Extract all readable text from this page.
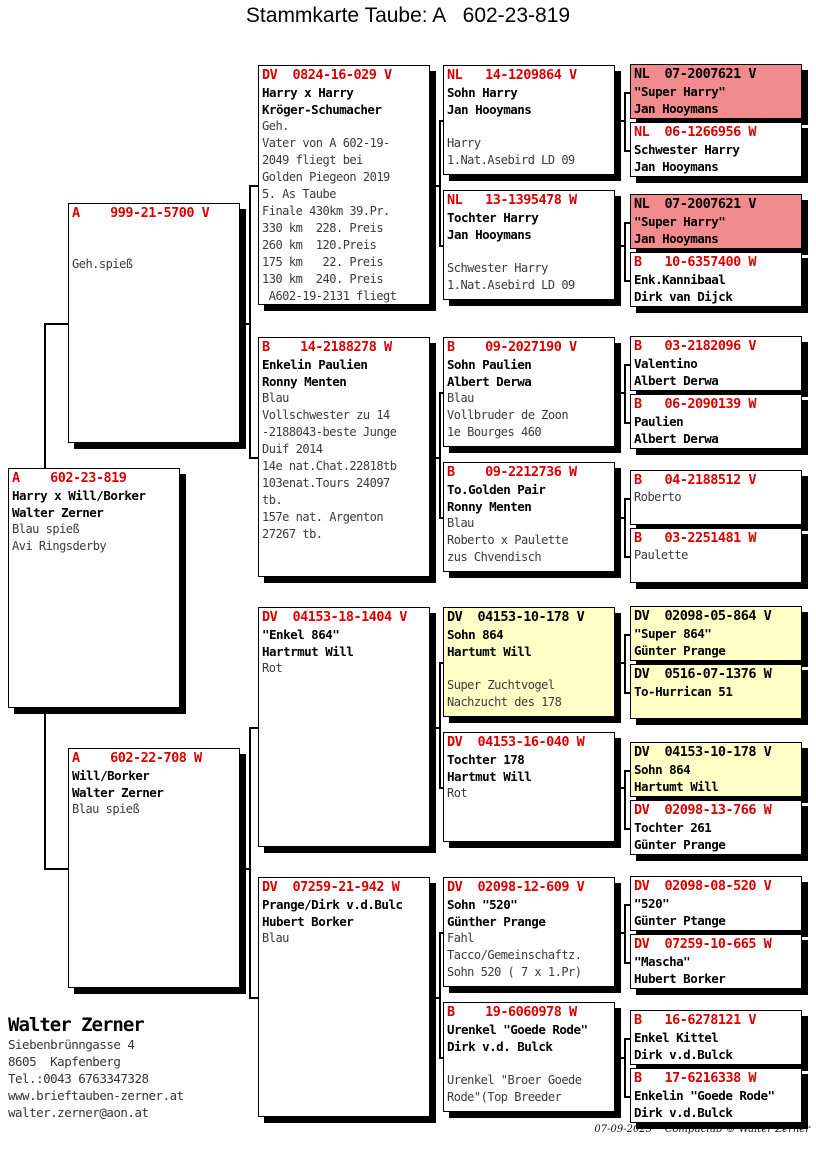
Stammkarte Taube: A   602-23-819
A    999-21-5700 V
Geh.spieß
A    602-23-819
Harry x Will/Borker
Walter Zerner
Blau spieß
Avi Ringsderby
A    602-22-708 W
Will/Borker
Walter Zerner
Blau spieß
DV  0824-16-029 V
Harry x Harry
Kröger-Schumacher
Geh.
Vater von A 602-19-
2049 fliegt bei
Golden Piegeon 2019
5. As Taube
Finale 430km 39.Pr.
330 km  228. Preis
260 km  120.Preis
175 km   22. Preis
130 km  240. Preis
A602-19-2131 fliegt
B    14-2188278 W
Enkelin Paulien
Ronny Menten
Blau
Vollschwester zu 14
-2188043-beste Junge
Duif 2014
14e nat.Chat.22818tb
103enat.Tours 24097
tb.
157e nat. Argenton
27267 tb.
DV  04153-18-1404 V
"Enkel 864"
Hartrmut Will
Rot
DV  07259-21-942 W
Prange/Dirk v.d.Bulc
Hubert Borker
Blau
NL   14-1209864 V
Sohn Harry
Jan Hooymans
Harry
1.Nat.Asebird LD 09
NL   13-1395478 W
Tochter Harry
Jan Hooymans
Schwester Harry
1.Nat.Asebird LD 09
B    09-2027190 V
Sohn Paulien
Albert Derwa
Blau
Vollbruder de Zoon
1e Bourges 460
B    09-2212736 W
To.Golden Pair
Ronny Menten
Blau
Roberto x Paulette
zus Chvendisch
DV  04153-10-178 V
Sohn 864
Hartumt Will
Super Zuchtvogel
Nachzucht des 178
DV  04153-16-040 W
Tochter 178
Hartmut Will
Rot
DV  02098-12-609 V
Sohn "520"
Günther Prange
Fahl
Tacco/Gemeinschaftz.
Sohn 520 ( 7 x 1.Pr)
B    19-6060978 W
Urenkel "Goede Rode"
Dirk v.d. Bulck
Urenkel "Broer Goede
Rode"(Top Breeder
NL  07-2007621 V
"Super Harry"
Jan Hooymans
NL  06-1266956 W
Schwester Harry
Jan Hooymans
NL  07-2007621 V
"Super Harry"
Jan Hooymans
B   10-6357400 W
Enk.Kannibaal
Dirk van Dijck
B   03-2182096 V
Valentino
Albert Derwa
B   06-2090139 W
Paulien
Albert Derwa
B   04-2188512 V
Roberto
B   03-2251481 W
Paulette
DV  02098-05-864 V
"Super 864"
Günter Prange
DV  0516-07-1376 W
To-Hurrican 51
DV  04153-10-178 V
Sohn 864
Hartumt Will
DV  02098-13-766 W
Tochter 261
Günter Prange
DV  02098-08-520 V
"520"
Günter Ptange
DV  07259-10-665 W
"Mascha"
Hubert Borker
B   16-6278121 V
Enkel Kittel
Dirk v.d.Bulck
B   17-6216338 W
Enkelin "Goede Rode"
Dirk v.d.Bulck
Walter Zerner
Siebenbrünngasse 4
8605  Kapfenberg
Tel.:0043 6763347328
www.brieftauben-zerner.at
walter.zerner@aon.at
07-09-2023    Compuclub © Walter Zerner
